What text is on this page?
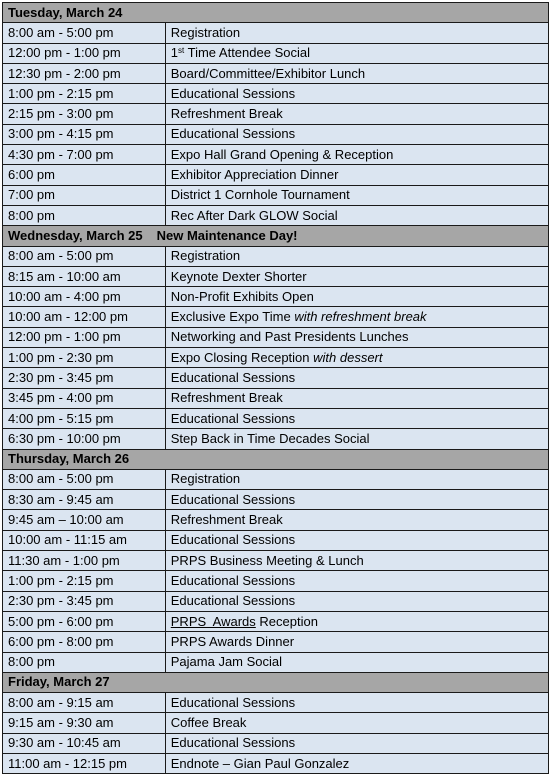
Tuesday, March 24	
8:00 am - 5:00 pm	Registration
12:00 pm - 1:00 pm	1st Time Attendee Social
12:30 pm - 2:00 pm	Board/Committee/Exhibitor Lunch
1:00 pm - 2:15 pm	Educational Sessions
2:15 pm - 3:00 pm	Refreshment Break
3:00 pm - 4:15 pm	Educational Sessions
4:30 pm - 7:00 pm	Expo Hall Grand Opening & Reception
6:00 pm	Exhibitor Appreciation Dinner
7:00 pm	District 1 Cornhole Tournament
8:00 pm	Rec After Dark GLOW Social
Wednesday, March 25 New Maintenance Day!	
8:00 am - 5:00 pm	Registration
8:15 am - 10:00 am	Keynote Dexter Shorter
10:00 am - 4:00 pm	Non-Profit Exhibits Open
10:00 am - 12:00 pm	Exclusive Expo Time with refreshment break
12:00 pm - 1:00 pm	Networking and Past Presidents Lunches
1:00 pm - 2:30 pm	Expo Closing Reception with dessert
2:30 pm - 3:45 pm	Educational Sessions
3:45 pm - 4:00 pm	Refreshment Break
4:00 pm - 5:15 pm	Educational Sessions
6:30 pm - 10:00 pm	Step Back in Time Decades Social
Thursday, March 26	
8:00 am - 5:00 pm	Registration
8:30 am - 9:45 am	Educational Sessions
9:45 am – 10:00 am	Refreshment Break
10:00 am - 11:15 am	Educational Sessions
11:30 am - 1:00 pm	PRPS Business Meeting & Lunch
1:00 pm - 2:15 pm	Educational Sessions
2:30 pm - 3:45 pm	Educational Sessions
5:00 pm - 6:00 pm	PRPS  Awards Reception
6:00 pm - 8:00 pm	PRPS Awards Dinner
8:00 pm	Pajama Jam Social
Friday, March 27	
8:00 am - 9:15 am	Educational Sessions
9:15 am - 9:30 am	Coffee Break
9:30 am - 10:45 am	Educational Sessions
11:00 am - 12:15 pm	Endnote – Gian Paul Gonzalez
